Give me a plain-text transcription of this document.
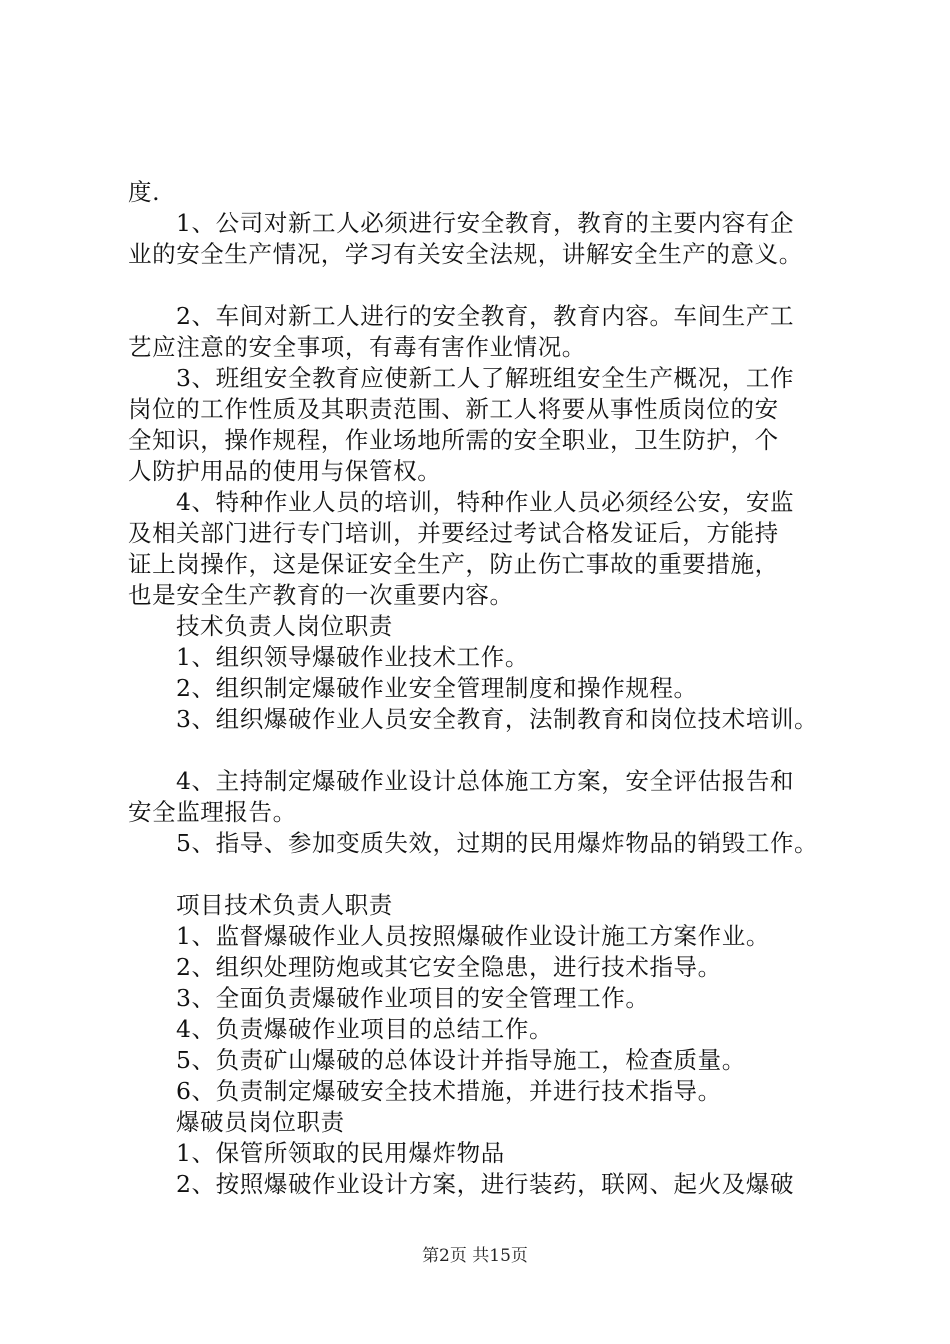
度.
1、公司对新工人必须进行安全教育，教育的主要内容有企
业的安全生产情况，学习有关安全法规，讲解安全生产的意义。
2、车间对新工人进行的安全教育，教育内容。车间生产工
艺应注意的安全事项，有毒有害作业情况。
3、班组安全教育应使新工人了解班组安全生产概况，工作
岗位的工作性质及其职责范围、新工人将要从事性质岗位的安
全知识，操作规程，作业场地所需的安全职业，卫生防护，个
人防护用品的使用与保管权。
4、特种作业人员的培训，特种作业人员必须经公安，安监
及相关部门进行专门培训，并要经过考试合格发证后，方能持
证上岗操作，这是保证安全生产，防止伤亡事故的重要措施，
也是安全生产教育的一次重要内容。
技术负责人岗位职责
1、组织领导爆破作业技术工作。
2、组织制定爆破作业安全管理制度和操作规程。
3、组织爆破作业人员安全教育，法制教育和岗位技术培训。
4、主持制定爆破作业设计总体施工方案，安全评估报告和
安全监理报告。
5、指导、参加变质失效，过期的民用爆炸物品的销毁工作。
项目技术负责人职责
1、监督爆破作业人员按照爆破作业设计施工方案作业。
2、组织处理防炮或其它安全隐患，进行技术指导。
3、全面负责爆破作业项目的安全管理工作。
4、负责爆破作业项目的总结工作。
5、负责矿山爆破的总体设计并指导施工，检查质量。
6、负责制定爆破安全技术措施，并进行技术指导。
爆破员岗位职责
1、保管所领取的民用爆炸物品
2、按照爆破作业设计方案，进行装药，联网、起火及爆破
第2页 共15页
